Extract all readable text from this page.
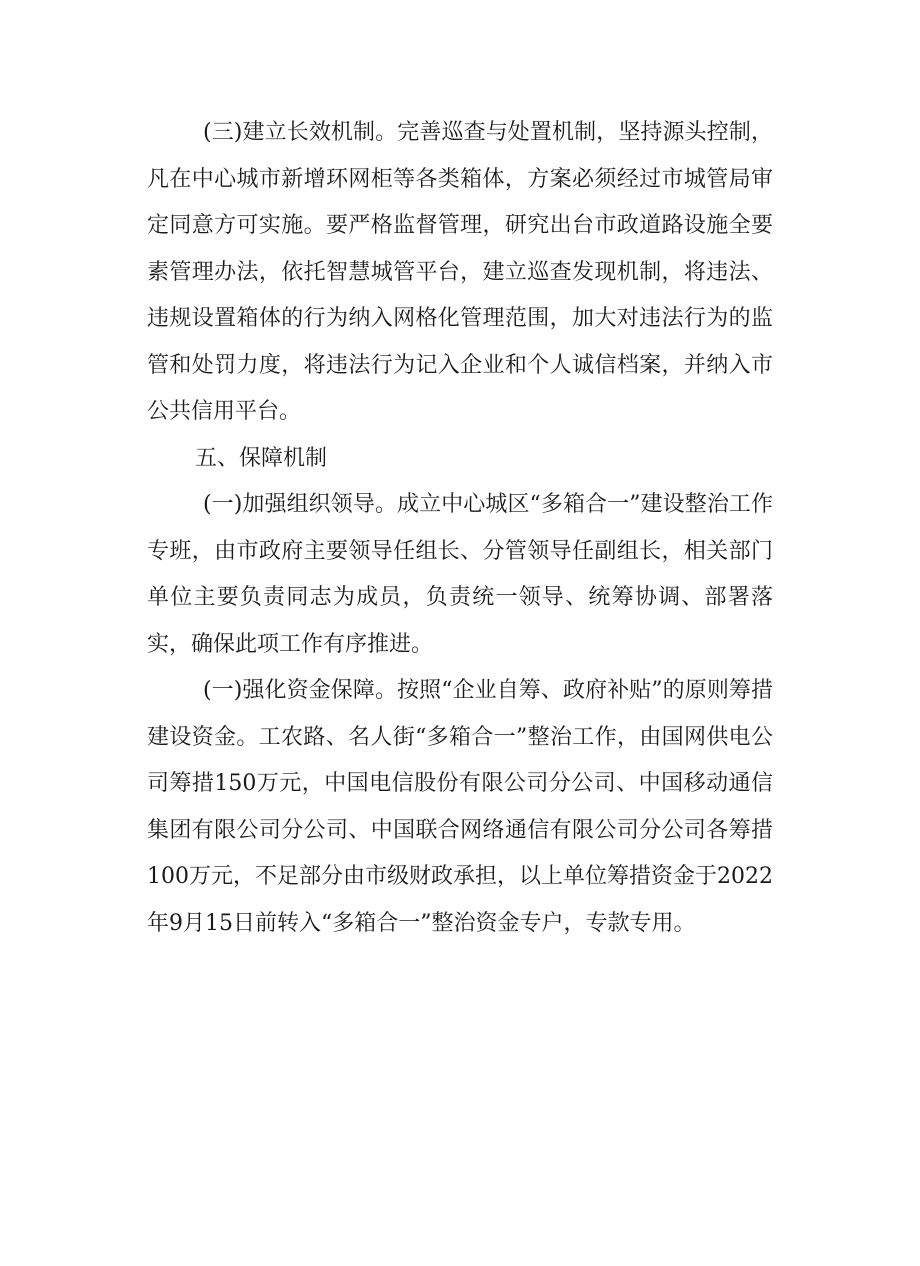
(三)建立长效机制。完善巡查与处置机制，坚持源头控制，凡在中心城市新增环网柜等各类箱体，方案必须经过市城管局审定同意方可实施。要严格监督管理，研究出台市政道路设施全要素管理办法，依托智慧城管平台，建立巡查发现机制，将违法、违规设置箱体的行为纳入网格化管理范围，加大对违法行为的监管和处罚力度，将违法行为记入企业和个人诚信档案，并纳入市公共信用平台。

五、保障机制

(一)加强组织领导。成立中心城区“多箱合一”建设整治工作专班，由市政府主要领导任组长、分管领导任副组长，相关部门单位主要负责同志为成员，负责统一领导、统筹协调、部署落实，确保此项工作有序推进。

(一)强化资金保障。按照“企业自筹、政府补贴”的原则筹措建设资金。工农路、名人街“多箱合一”整治工作，由国网供电公司筹措150万元，中国电信股份有限公司分公司、中国移动通信集团有限公司分公司、中国联合网络通信有限公司分公司各筹措100万元，不足部分由市级财政承担，以上单位筹措资金于2022年9月15日前转入“多箱合一”整治资金专户，专款专用。
